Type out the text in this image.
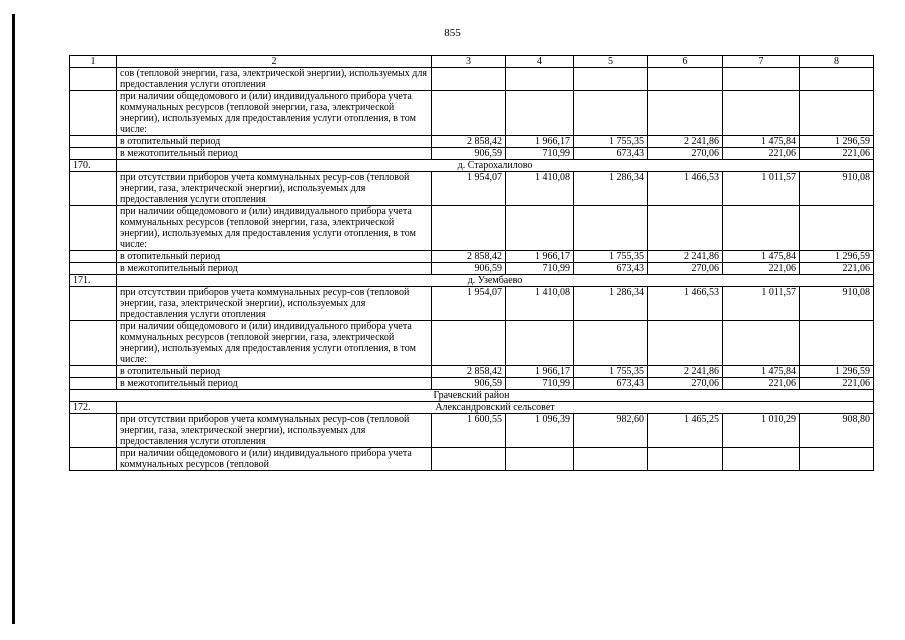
855
1	2	3	4	5	6	7	8
	сов (тепловой энергии, газа, электрической энергии), используемых для предоставления услуги отопления						
	при наличии общедомового и (или) индивидуального прибора учета коммунальных ресурсов (тепловой энергии, газа, электрической энергии), используемых для предоставления услуги отопления, в том числе:						
	в отопительный период	2 858,42	1 966,17	1 755,35	2 241,86	1 475,84	1 296,59
	в межотопительный период	906,59	710,99	673,43	270,06	221,06	221,06
170.	д. Старохалилово						
	при отсутствии приборов учета коммунальных ресур-сов (тепловой энергии, газа, электрической энергии), используемых для предоставления услуги отопления	1 954,07	1 410,08	1 286,34	1 466,53	1 011,57	910,08
	при наличии общедомового и (или) индивидуального прибора учета коммунальных ресурсов (тепловой энергии, газа, электрической энергии), используемых для предоставления услуги отопления, в том числе:						
	в отопительный период	2 858,42	1 966,17	1 755,35	2 241,86	1 475,84	1 296,59
	в межотопительный период	906,59	710,99	673,43	270,06	221,06	221,06
171.	д. Узембаево						
	при отсутствии приборов учета коммунальных ресур-сов (тепловой энергии, газа, электрической энергии), используемых для предоставления услуги отопления	1 954,07	1 410,08	1 286,34	1 466,53	1 011,57	910,08
	при наличии общедомового и (или) индивидуального прибора учета коммунальных ресурсов (тепловой энергии, газа, электрической энергии), используемых для предоставления услуги отопления, в том числе:						
	в отопительный период	2 858,42	1 966,17	1 755,35	2 241,86	1 475,84	1 296,59
	в межотопительный период	906,59	710,99	673,43	270,06	221,06	221,06
Грачевский район							
172.	Александровский сельсовет						
	при отсутствии приборов учета коммунальных ресур-сов (тепловой энергии, газа, электрической энергии), используемых для предоставления услуги отопления	1 600,55	1 096,39	982,60	1 465,25	1 010,29	908,80
	при наличии общедомового и (или) индивидуального прибора учета коммунальных ресурсов (тепловой						
